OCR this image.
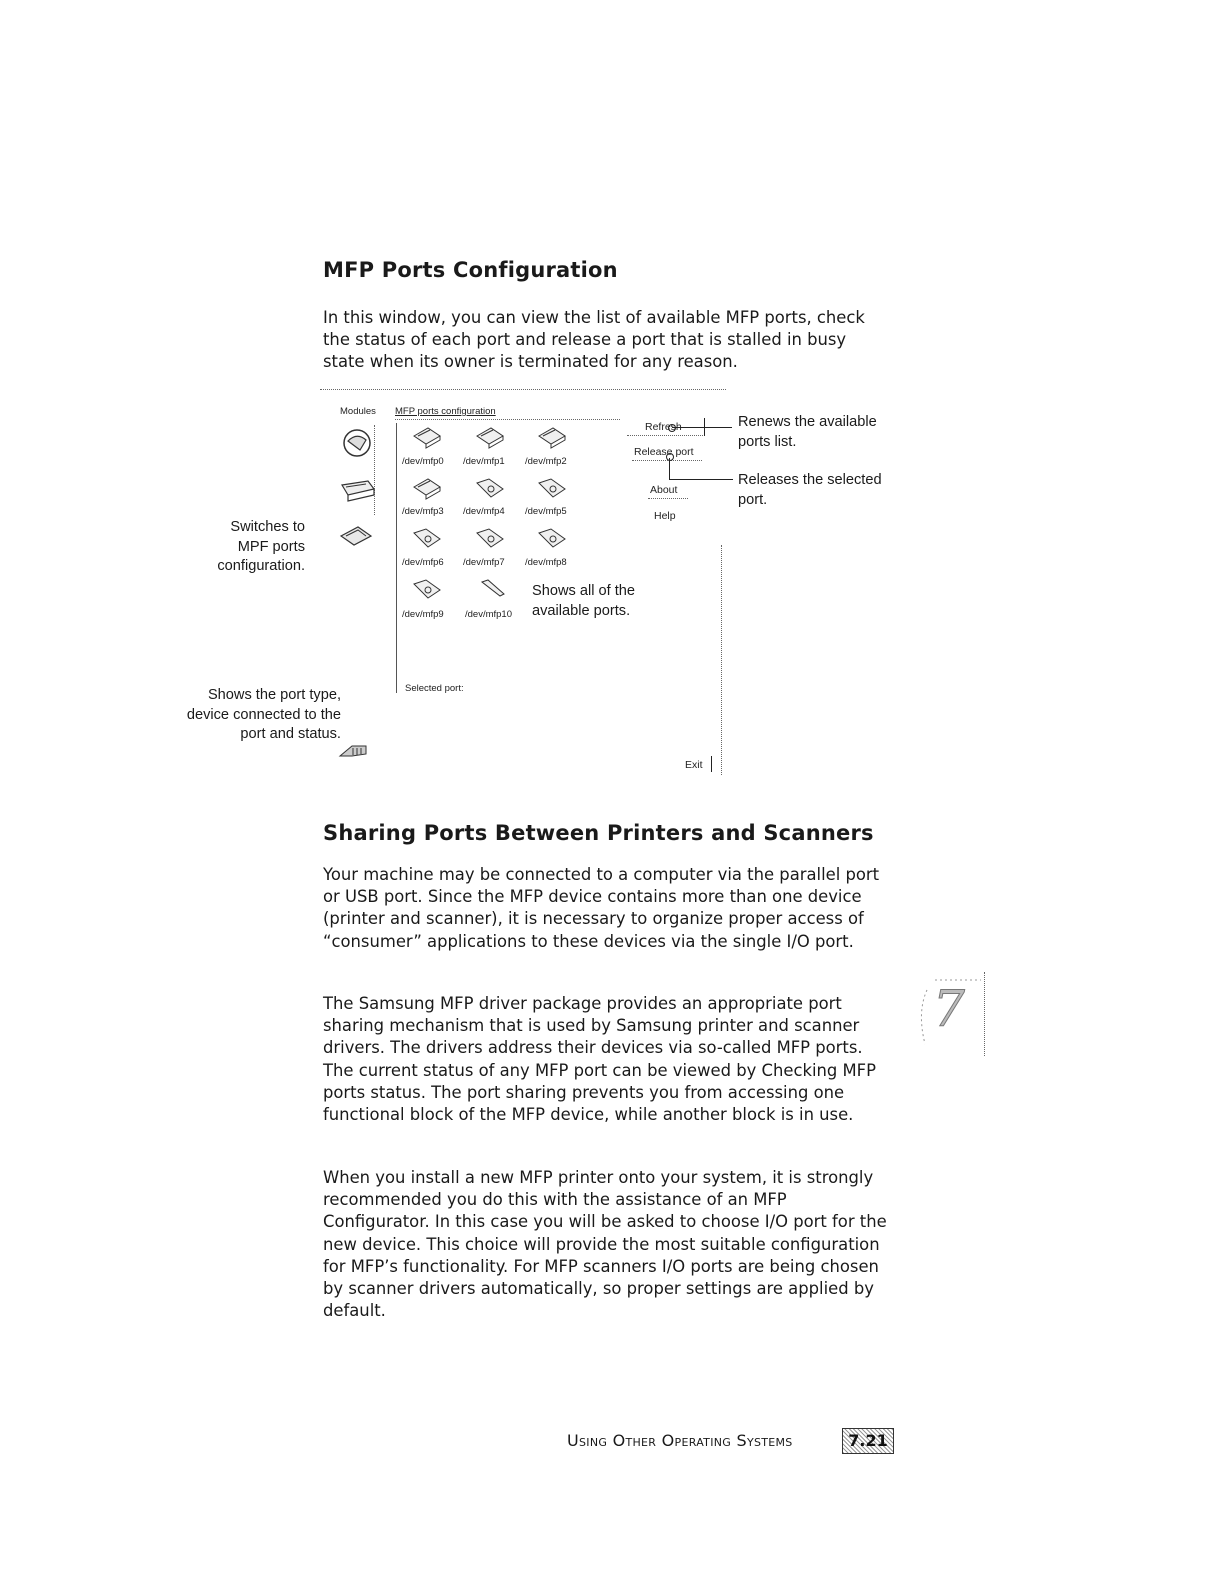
MFP Ports Configuration

In this window, you can view the list of available MFP ports, check the status of each port and release a port that is stalled in busy state when its owner is terminated for any reason.

Modules MFP ports configuration
/dev/mfp0 /dev/mfp1 /dev/mfp2
/dev/mfp3 /dev/mfp4 /dev/mfp5
/dev/mfp6 /dev/mfp7 /dev/mfp8
/dev/mfp9 /dev/mfp10
Refresh
Release port
About
Help
Selected port:
Exit
Renews the available ports list.
Releases the selected port.
Switches to MPF ports configuration.
Shows all of the available ports.
Shows the port type, device connected to the port and status.
Sharing Ports Between Printers and Scanners

Your machine may be connected to a computer via the parallel port or USB port. Since the MFP device contains more than one device (printer and scanner), it is necessary to organize proper access of “consumer” applications to these devices via the single I/O port.

The Samsung MFP driver package provides an appropriate port sharing mechanism that is used by Samsung printer and scanner drivers. The drivers address their devices via so-called MFP ports. The current status of any MFP port can be viewed by Checking MFP ports status. The port sharing prevents you from accessing one functional block of the MFP device, while another block is in use.

When you install a new MFP printer onto your system, it is strongly recommended you do this with the assistance of an MFP Configurator. In this case you will be asked to choose I/O port for the new device. This choice will provide the most suitable configuration for MFP’s functionality. For MFP scanners I/O ports are being chosen by scanner drivers automatically, so proper settings are applied by default.

7
Using Other Operating Systems	7.21
